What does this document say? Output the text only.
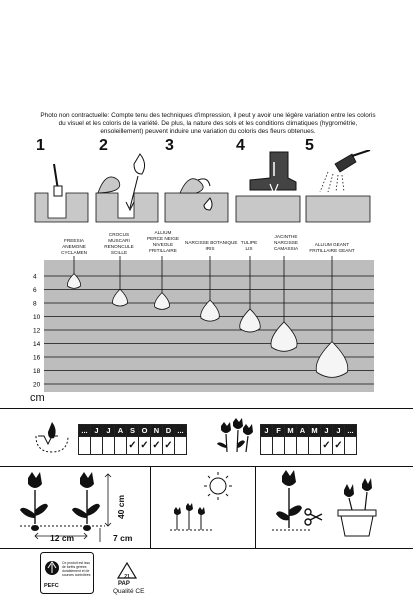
Photo non contractuelle: Compte tenu des techniques d'impression, il peut y avoir une légère variation entre les coloris du visuel et les coloris de la variété. De plus, la nature des sols et les conditions climatiques (hygrométrie, ensoleillement) peuvent induire une variation du coloris des fleurs obtenues.

1	2	3	4	5
FREESIA
ANEMONE
CYCLAMEN
CROCUS
MUSCARI
RENONCULE
SCILLE
ALLIUM
PERCE NEIGE
NIVEOLE
FRITILLAIRE
NARCISSE BOTANIQUE
IRIS
TULIPE
LIS
JACINTHE
NARCISSE
CAMASSIA
ALLIUM GEANT
FRITILLAIRE GEANT
4
6
8
10
12
14
16
18
20
cm
...	J	J	A	S	O	N	D	...
				✓	✓	✓	✓	
J	F	M	A	M	J	J	...
					✓	✓	
12 cm
40 cm
7 cm
Ce produit est issu de forêts gérées durablement et de sources contrôlées
PEFC
21
PAP
Qualité CE
